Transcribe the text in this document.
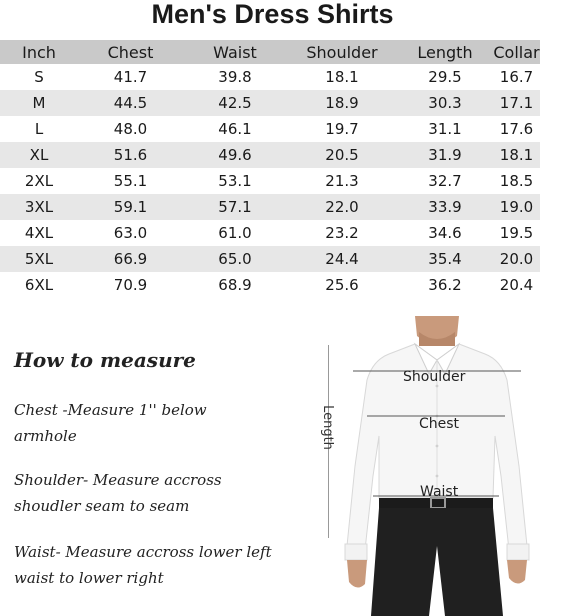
Men's Dress Shirts
Inch	Chest	Waist	Shoulder	Length	Collar
S	41.7	39.8	18.1	29.5	16.7
M	44.5	42.5	18.9	30.3	17.1
L	48.0	46.1	19.7	31.1	17.6
XL	51.6	49.6	20.5	31.9	18.1
2XL	55.1	53.1	21.3	32.7	18.5
3XL	59.1	57.1	22.0	33.9	19.0
4XL	63.0	61.0	23.2	34.6	19.5
5XL	66.9	65.0	24.4	35.4	20.0
6XL	70.9	68.9	25.6	36.2	20.4
How to measure
Chest -Measure 1'' below armhole
Shoulder- Measure accross shoudler seam to seam
Waist- Measure accross lower left waist to lower right
Length
Shoulder
Chest
Waist
